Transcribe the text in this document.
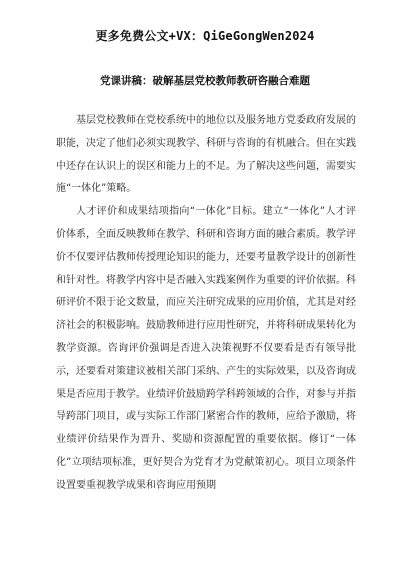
更多免费公文+VX：QiGeGongWen2024
党课讲稿：破解基层党校教师教研咨融合难题

基层党校教师在党校系统中的地位以及服务地方党委政府发展的职能，决定了他们必须实现教学、科研与咨询的有机融合。但在实践中还存在认识上的误区和能力上的不足。为了解决这些问题，需要实施“一体化”策略。

人才评价和成果结项指向“一体化”目标。建立“一体化”人才评价体系，全面反映教师在教学、科研和咨询方面的融合素质。教学评价不仅要评估教师传授理论知识的能力，还要考量教学设计的创新性和针对性。将教学内容中是否融入实践案例作为重要的评价依据。科研评价不限于论文数量，而应关注研究成果的应用价值，尤其是对经济社会的积极影响。鼓励教师进行应用性研究，并将科研成果转化为教学资源。咨询评价强调是否进入决策视野不仅要看是否有领导批示，还要看对策建议被相关部门采纳、产生的实际效果，以及咨询成果是否应用于教学。业绩评价鼓励跨学科跨领域的合作，对参与并指导跨部门项目，或与实际工作部门紧密合作的教师，应给予激励，将业绩评价结果作为晋升、奖励和资源配置的重要依据。修订“一体化”立项结项标准，更好契合为党育才为党献策初心。项目立项条件设置要重视教学成果和咨询应用预期
